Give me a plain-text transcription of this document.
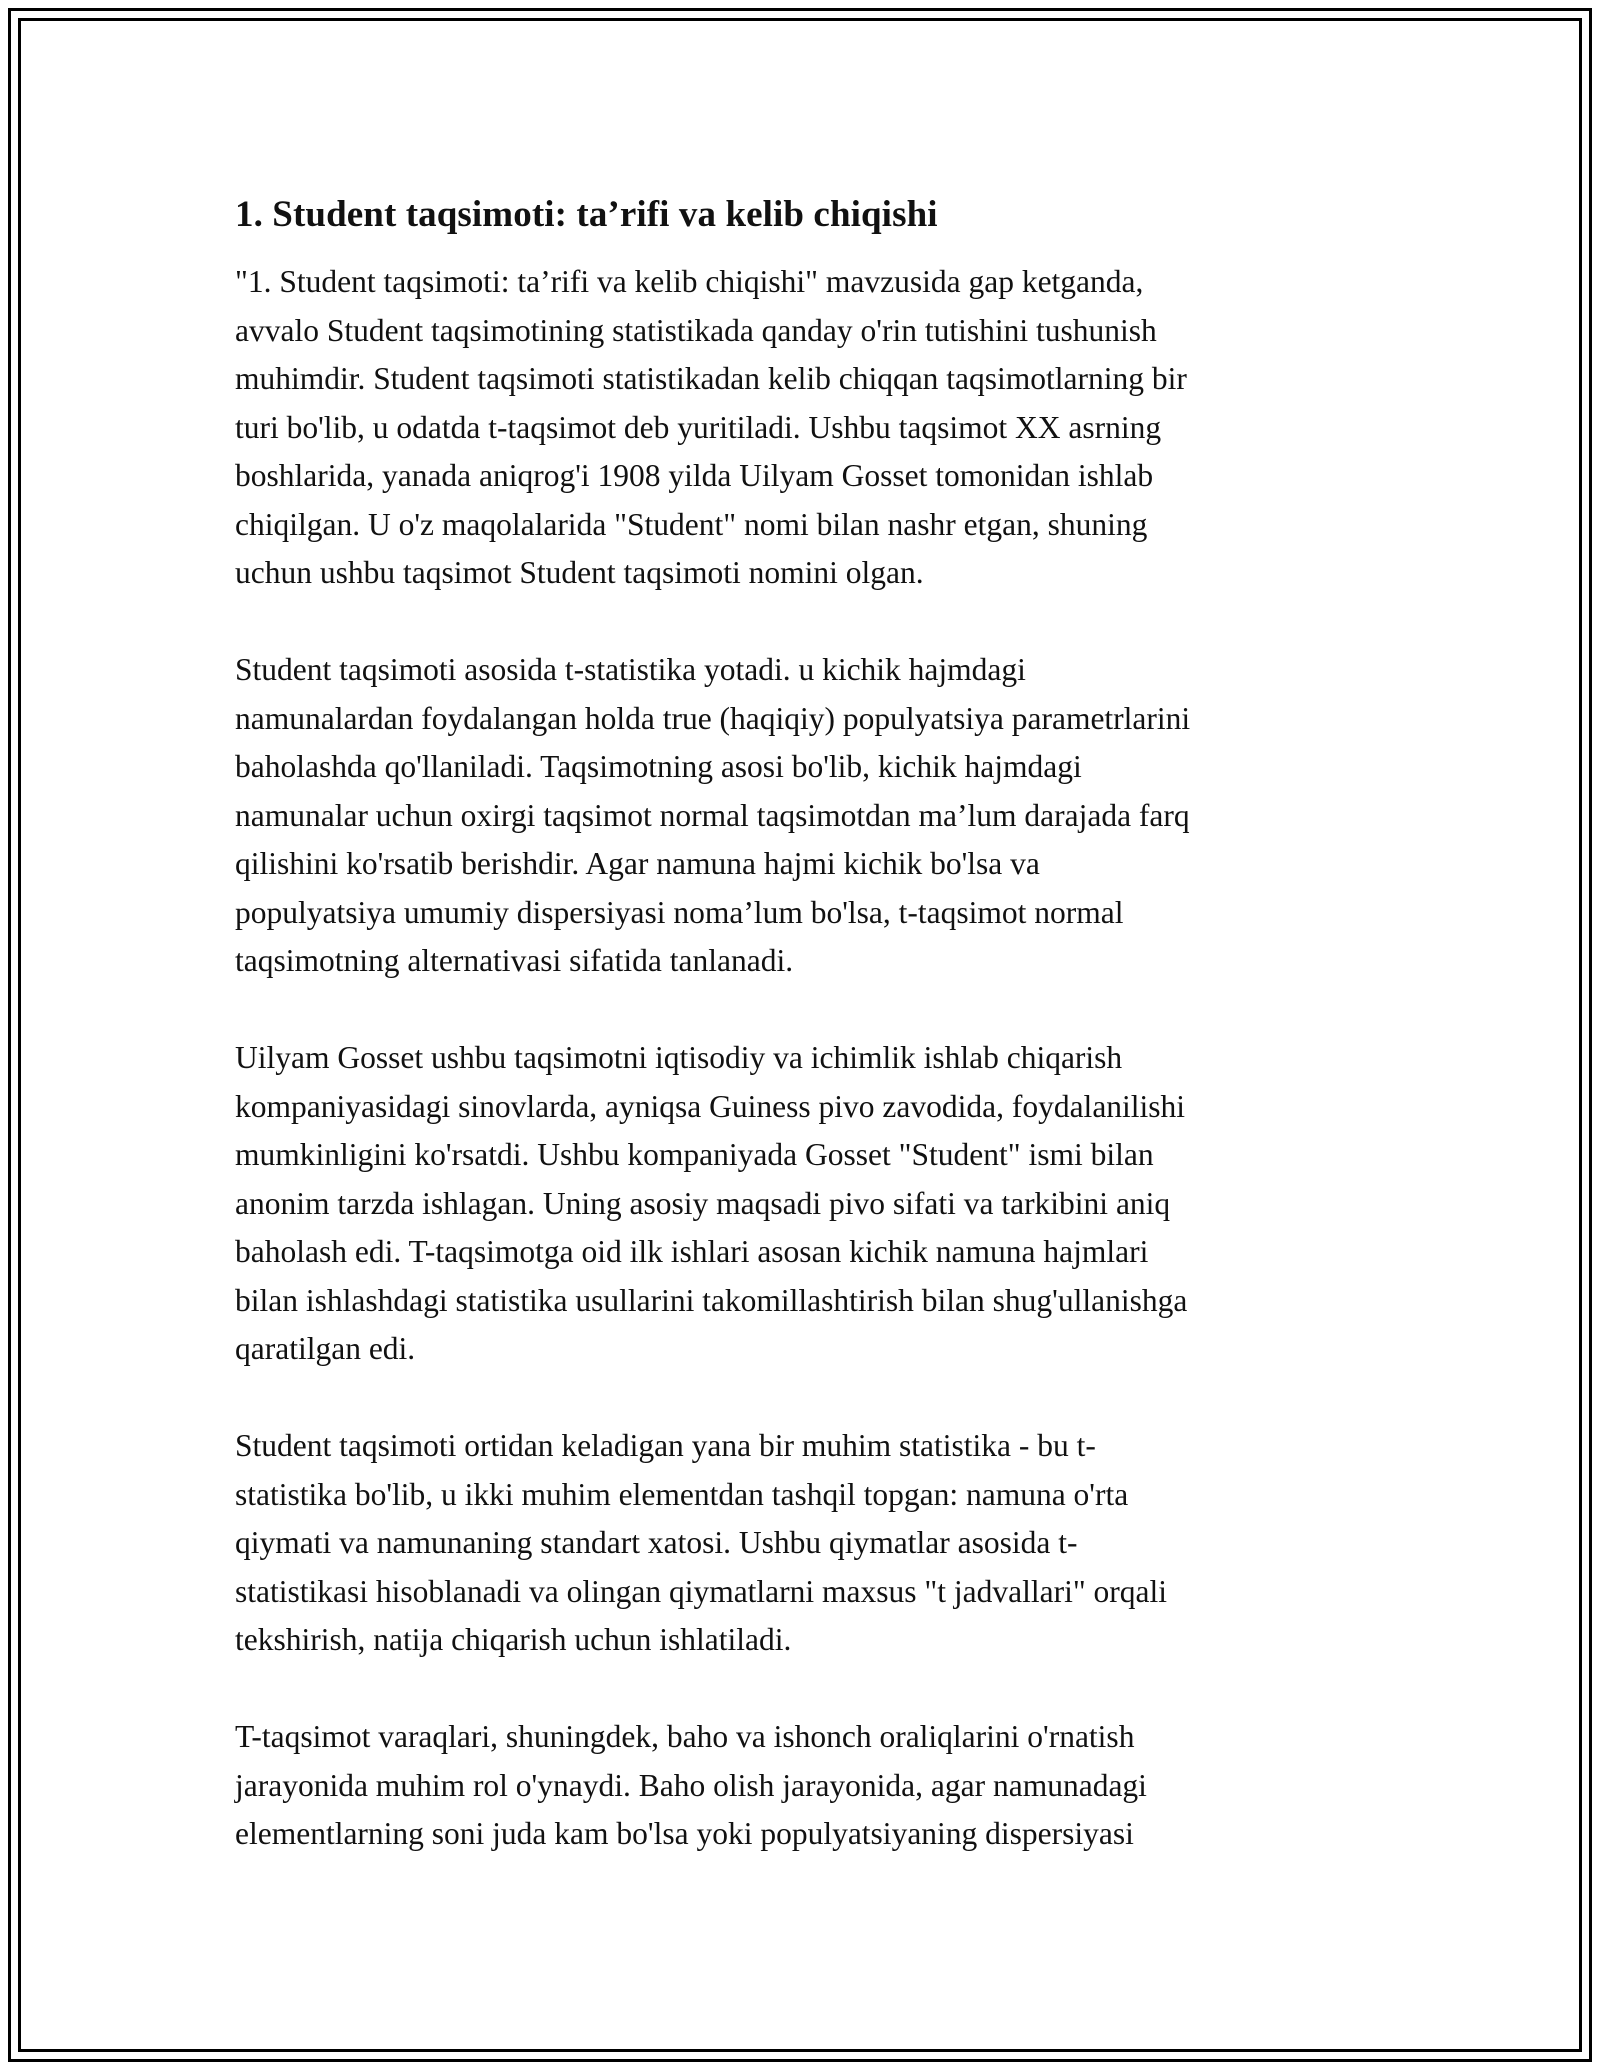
1. Student taqsimoti: ta’rifi va kelib chiqishi
"1. Student taqsimoti: ta’rifi va kelib chiqishi" mavzusida gap ketganda,
avvalo Student taqsimotining statistikada qanday o'rin tutishini tushunish
muhimdir. Student taqsimoti statistikadan kelib chiqqan taqsimotlarning bir
turi bo'lib, u odatda t-taqsimot deb yuritiladi. Ushbu taqsimot XX asrning
boshlarida, yanada aniqrog'i 1908 yilda Uilyam Gosset tomonidan ishlab
chiqilgan. U o'z maqolalarida "Student" nomi bilan nashr etgan, shuning
uchun ushbu taqsimot Student taqsimoti nomini olgan.
Student taqsimoti asosida t-statistika yotadi. u kichik hajmdagi
namunalardan foydalangan holda true (haqiqiy) populyatsiya parametrlarini
baholashda qo'llaniladi. Taqsimotning asosi bo'lib, kichik hajmdagi
namunalar uchun oxirgi taqsimot normal taqsimotdan ma’lum darajada farq
qilishini ko'rsatib berishdir. Agar namuna hajmi kichik bo'lsa va
populyatsiya umumiy dispersiyasi noma’lum bo'lsa, t-taqsimot normal
taqsimotning alternativasi sifatida tanlanadi.
Uilyam Gosset ushbu taqsimotni iqtisodiy va ichimlik ishlab chiqarish
kompaniyasidagi sinovlarda, ayniqsa Guiness pivo zavodida, foydalanilishi
mumkinligini ko'rsatdi. Ushbu kompaniyada Gosset "Student" ismi bilan
anonim tarzda ishlagan. Uning asosiy maqsadi pivo sifati va tarkibini aniq
baholash edi. T-taqsimotga oid ilk ishlari asosan kichik namuna hajmlari
bilan ishlashdagi statistika usullarini takomillashtirish bilan shug'ullanishga
qaratilgan edi.
Student taqsimoti ortidan keladigan yana bir muhim statistika - bu t-
statistika bo'lib, u ikki muhim elementdan tashqil topgan: namuna o'rta
qiymati va namunaning standart xatosi. Ushbu qiymatlar asosida t-
statistikasi hisoblanadi va olingan qiymatlarni maxsus "t jadvallari" orqali
tekshirish, natija chiqarish uchun ishlatiladi.
T-taqsimot varaqlari, shuningdek, baho va ishonch oraliqlarini o'rnatish
jarayonida muhim rol o'ynaydi. Baho olish jarayonida, agar namunadagi
elementlarning soni juda kam bo'lsa yoki populyatsiyaning dispersiyasi
